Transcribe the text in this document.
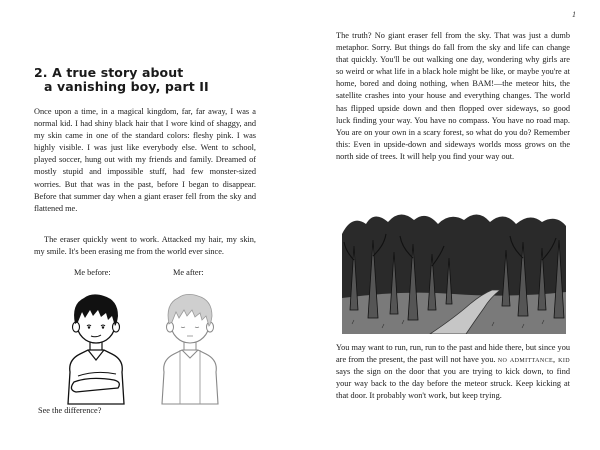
2. A true story about
a vanishing boy, part II

Once upon a time, in a magical kingdom, far, far away, I was a normal kid. I had shiny black hair that I wore kind of shaggy, and my skin came in one of the standard colors: fleshy pink. I was highly visible. I was just like everybody else. Went to school, played soccer, hung out with my friends and family. Dreamed of mostly stupid and impossible stuff, had few monster-sized worries. But that was in the past, before I began to disappear. Before that summer day when a giant eraser fell from the sky and flattened me.

The eraser quickly went to work. Attacked my hair, my skin, my smile. It's been erasing me from the world ever since.

Me before:	Me after:
See the difference?
1

The truth? No giant eraser fell from the sky. That was just a dumb metaphor. Sorry. But things do fall from the sky and life can change that quickly. You'll be out walking one day, wondering why girls are so weird or what life in a black hole might be like, or maybe you're at home, bored and doing nothing, when BAM!—the meteor hits, the satellite crashes into your house and everything changes. The world has flipped upside down and then flopped over sideways, so good luck finding your way. You have no compass. You have no road map. You are on your own in a scary forest, so what do you do? Remember this: Even in upside-down and sideways worlds moss grows on the north side of trees. It will help you find your way out.

You may want to run, run, run to the past and hide there, but since you are from the present, the past will not have you. no admittance, kid says the sign on the door that you are trying to kick down, to find your way back to the day before the meteor struck. Keep kicking at that door. It probably won't work, but keep trying.
